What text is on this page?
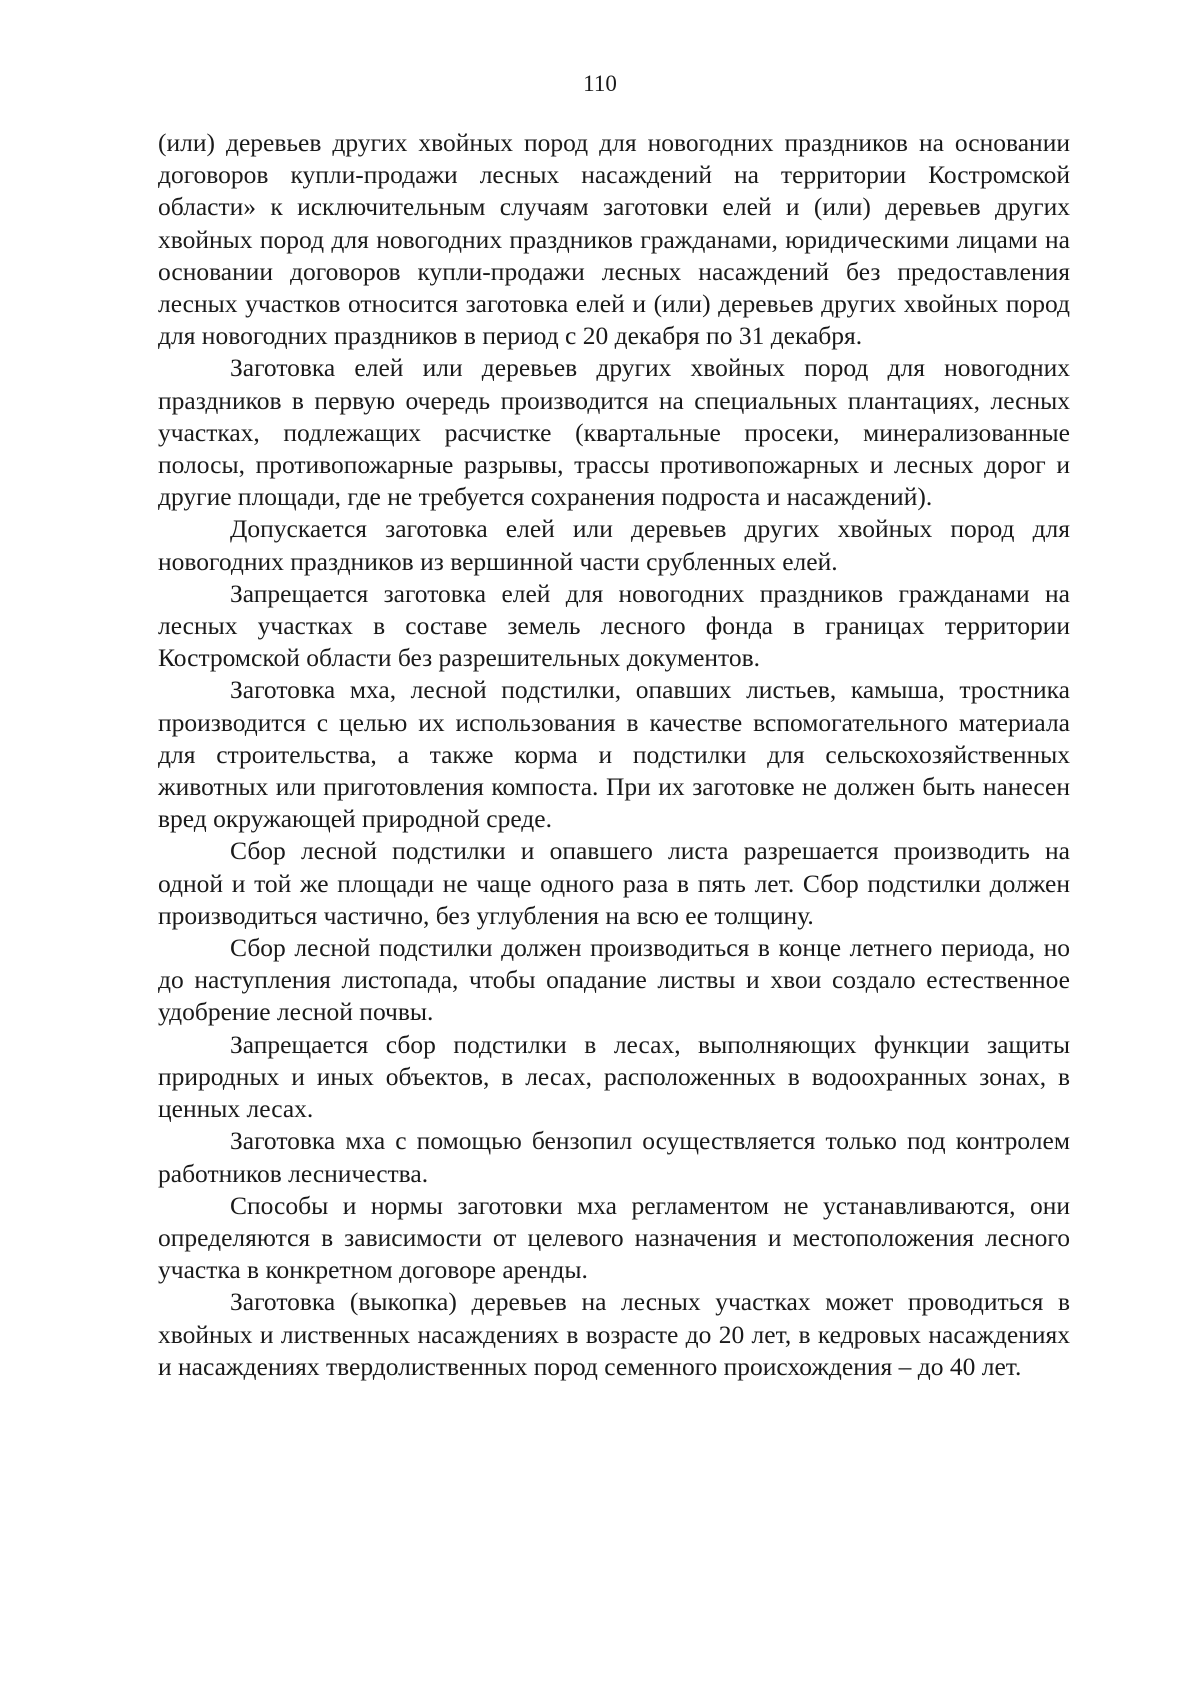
110

(или) деревьев других хвойных пород для новогодних праздников на основании договоров купли-продажи лесных насаждений на территории Костромской области» к исключительным случаям заготовки елей и (или) деревьев других хвойных пород для новогодних праздников гражданами, юридическими лицами на основании договоров купли-продажи лесных насаждений без предоставления лесных участков относится заготовка елей и (или) деревьев других хвойных пород для новогодних праздников в период с 20 декабря по 31 декабря.

Заготовка елей или деревьев других хвойных пород для новогодних праздников в первую очередь производится на специальных плантациях, лесных участках, подлежащих расчистке (квартальные просеки, минерализованные полосы, противопожарные разрывы, трассы противопожарных и лесных дорог и другие площади, где не требуется сохранения подроста и насаждений).

Допускается заготовка елей или деревьев других хвойных пород для новогодних праздников из вершинной части срубленных елей.

Запрещается заготовка елей для новогодних праздников гражданами на лесных участках в составе земель лесного фонда в границах территории Костромской области без разрешительных документов.

Заготовка мха, лесной подстилки, опавших листьев, камыша, тростника производится с целью их использования в качестве вспомогательного материала для строительства, а также корма и подстилки для сельскохозяйственных животных или приготовления компоста. При их заготовке не должен быть нанесен вред окружающей природной среде.

Сбор лесной подстилки и опавшего листа разрешается производить на одной и той же площади не чаще одного раза в пять лет. Сбор подстилки должен производиться частично, без углубления на всю ее толщину.

Сбор лесной подстилки должен производиться в конце летнего периода, но до наступления листопада, чтобы опадание листвы и хвои создало естественное удобрение лесной почвы.

Запрещается сбор подстилки в лесах, выполняющих функции защиты природных и иных объектов, в лесах, расположенных в водоохранных зонах, в ценных лесах.

Заготовка мха с помощью бензопил осуществляется только под контролем работников лесничества.

Способы и нормы заготовки мха регламентом не устанавливаются, они определяются в зависимости от целевого назначения и местоположения лесного участка в конкретном договоре аренды.

Заготовка (выкопка) деревьев на лесных участках может проводиться в хвойных и лиственных насаждениях в возрасте до 20 лет, в кедровых насаждениях и насаждениях твердолиственных пород семенного происхождения – до 40 лет.
